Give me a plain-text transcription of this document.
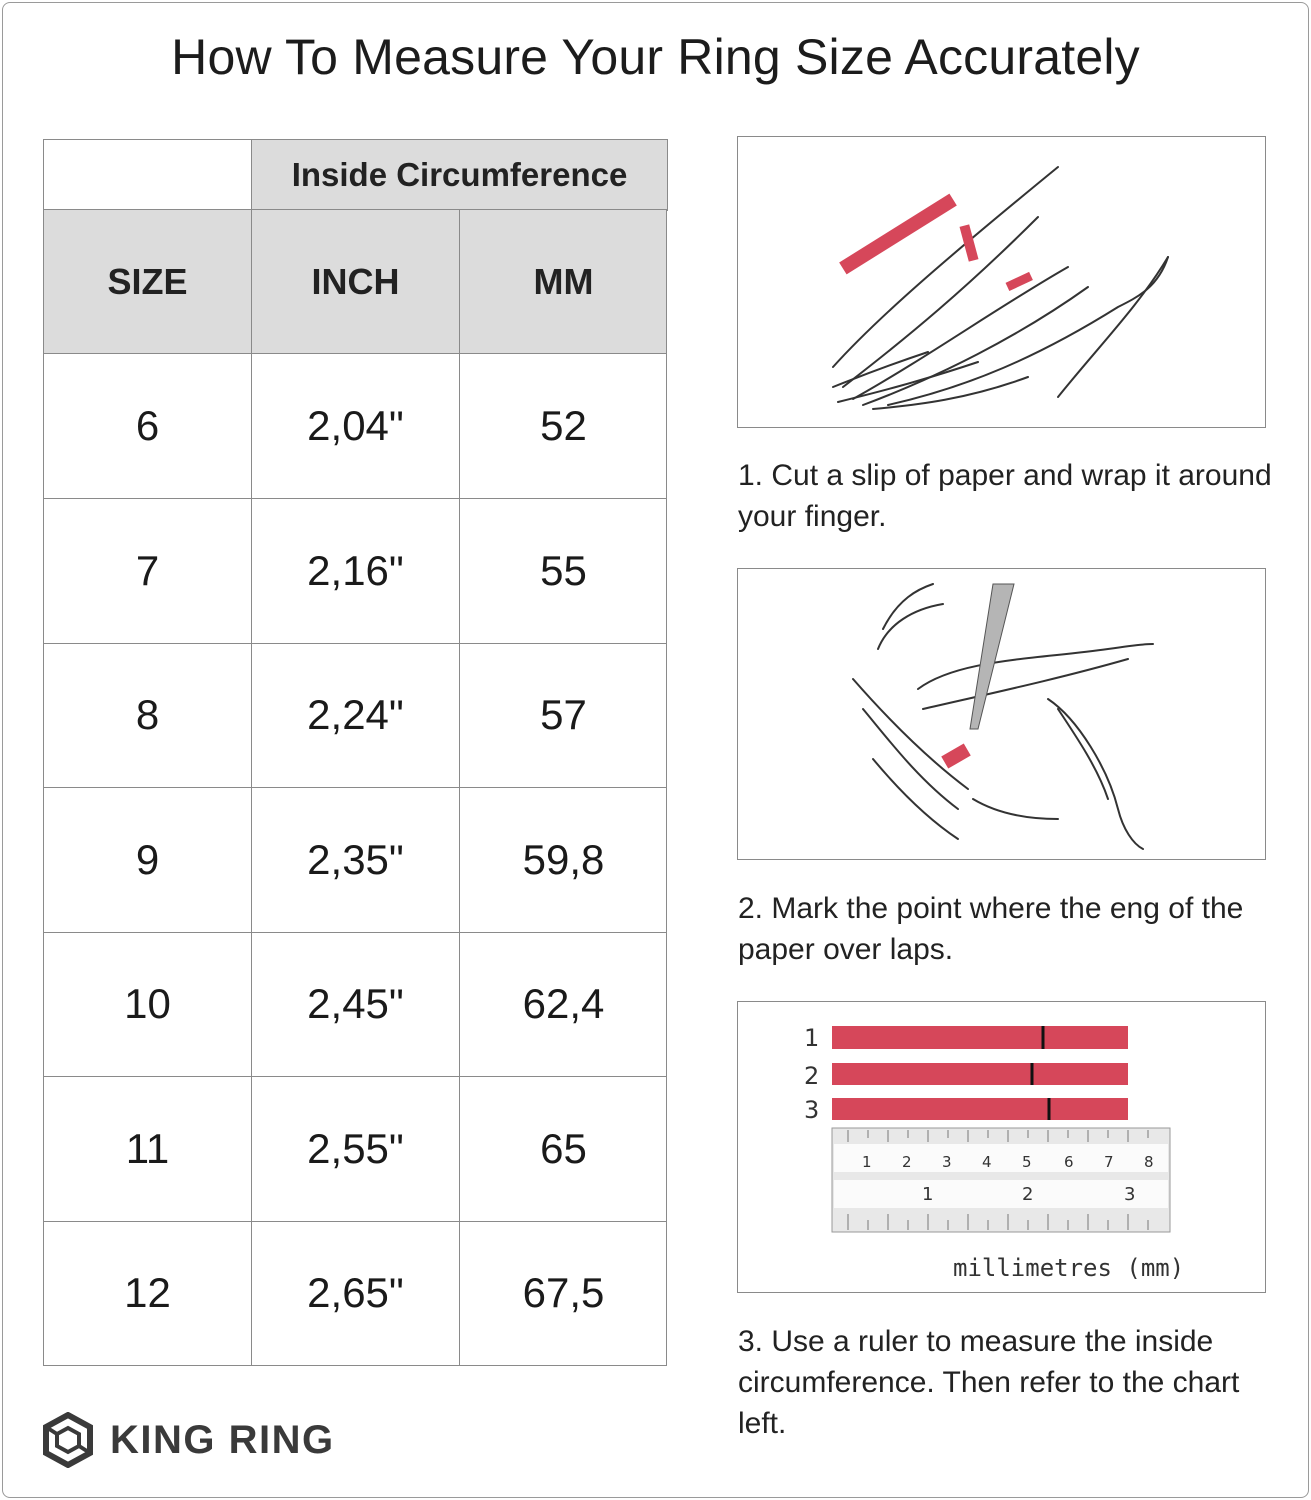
How To Measure Your Ring Size Accurately
Inside Circumference
SIZE	INCH	MM
6	2,04"	52
7	2,16"	55
8	2,24"	57
9	2,35"	59,8
10	2,45"	62,4
11	2,55"	65
12	2,65"	67,5
KING RING
1. Cut a slip of paper and wrap it around your finger.
2. Mark the point where the eng of the paper over laps.
1
2
3
1 2 3 4 5 6 7 8
1	2	3
millimetres (mm)
3. Use a ruler to measure the inside circumference. Then refer to the chart left.
